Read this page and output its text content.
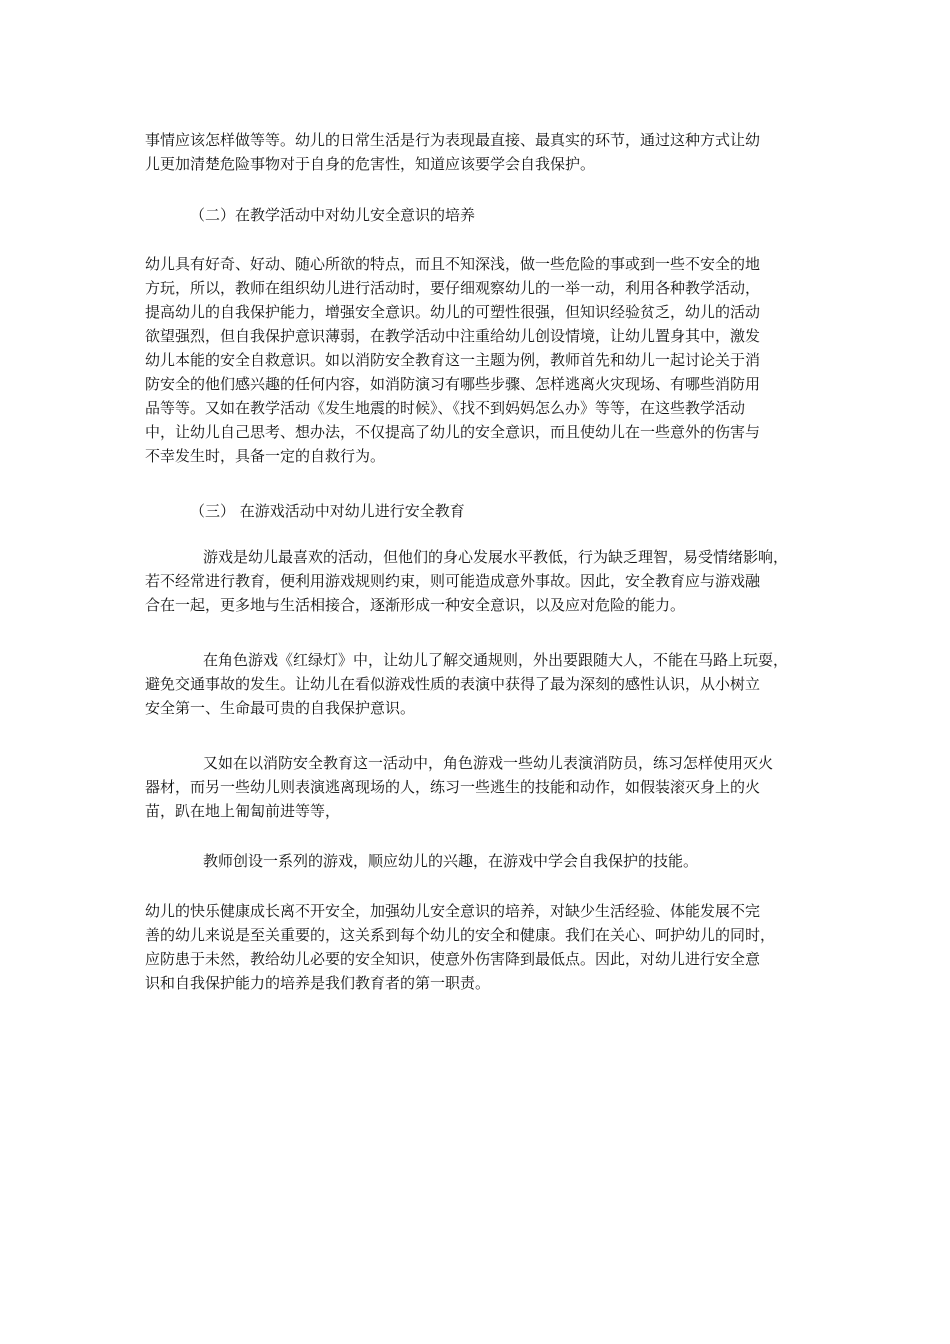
事情应该怎样做等等。幼儿的日常生活是行为表现最直接、最真实的环节，通过这种方式让幼
儿更加清楚危险事物对于自身的危害性，知道应该要学会自我保护。
（二）在教学活动中对幼儿安全意识的培养
幼儿具有好奇、好动、随心所欲的特点，而且不知深浅，做一些危险的事或到一些不安全的地
方玩，所以，教师在组织幼儿进行活动时，要仔细观察幼儿的一举一动，利用各种教学活动，
提高幼儿的自我保护能力，增强安全意识。幼儿的可塑性很强，但知识经验贫乏，幼儿的活动
欲望强烈，但自我保护意识薄弱，在教学活动中注重给幼儿创设情境，让幼儿置身其中，激发
幼儿本能的安全自救意识。如以消防安全教育这一主题为例，教师首先和幼儿一起讨论关于消
防安全的他们感兴趣的任何内容，如消防演习有哪些步骤、怎样逃离火灾现场、有哪些消防用
品等等。又如在教学活动《发生地震的时候》、《找不到妈妈怎么办》等等，在这些教学活动
中，让幼儿自己思考、想办法，不仅提高了幼儿的安全意识，而且使幼儿在一些意外的伤害与
不幸发生时，具备一定的自救行为。
（三） 在游戏活动中对幼儿进行安全教育
游戏是幼儿最喜欢的活动，但他们的身心发展水平教低，行为缺乏理智，易受情绪影响，
若不经常进行教育，便利用游戏规则约束，则可能造成意外事故。因此，安全教育应与游戏融
合在一起，更多地与生活相接合，逐渐形成一种安全意识，以及应对危险的能力。
在角色游戏《红绿灯》中，让幼儿了解交通规则，外出要跟随大人，不能在马路上玩耍，
避免交通事故的发生。让幼儿在看似游戏性质的表演中获得了最为深刻的感性认识，从小树立
安全第一、生命最可贵的自我保护意识。
又如在以消防安全教育这一活动中，角色游戏一些幼儿表演消防员，练习怎样使用灭火
器材，而另一些幼儿则表演逃离现场的人，练习一些逃生的技能和动作，如假装滚灭身上的火
苗，趴在地上匍匐前进等等，
教师创设一系列的游戏，顺应幼儿的兴趣，在游戏中学会自我保护的技能。
幼儿的快乐健康成长离不开安全，加强幼儿安全意识的培养，对缺少生活经验、体能发展不完
善的幼儿来说是至关重要的，这关系到每个幼儿的安全和健康。我们在关心、呵护幼儿的同时，
应防患于未然，教给幼儿必要的安全知识，使意外伤害降到最低点。因此，对幼儿进行安全意
识和自我保护能力的培养是我们教育者的第一职责。
